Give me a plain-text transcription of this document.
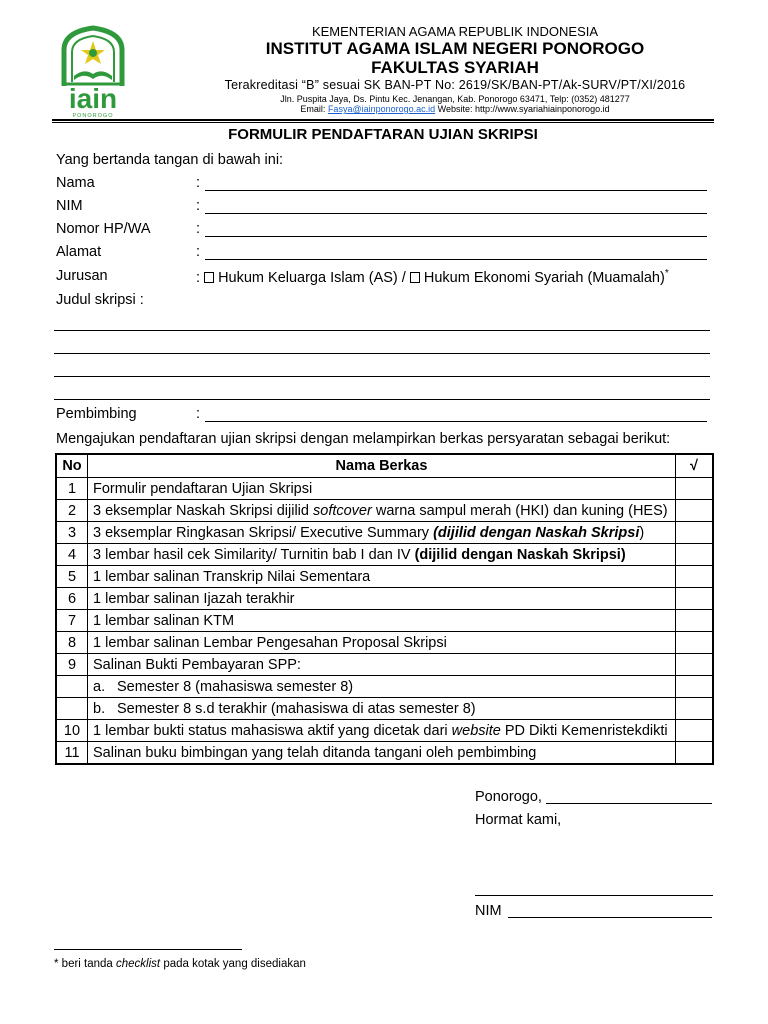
iain
PONOROGO
KEMENTERIAN AGAMA REPUBLIK INDONESIA
INSTITUT AGAMA ISLAM NEGERI PONOROGO
FAKULTAS SYARIAH
Terakreditasi “B” sesuai SK BAN-PT No: 2619/SK/BAN-PT/Ak-SURV/PT/XI/2016
Jln. Puspita Jaya, Ds. Pintu Kec. Jenangan, Kab. Ponorogo 63471, Telp: (0352) 481277
Email: Fasya@iainponorogo.ac.id Website: http://www.syariahiainponorogo.id
FORMULIR PENDAFTARAN UJIAN SKRIPSI
Yang bertanda tangan di bawah ini:
Nama	:
NIM	:
Nomor HP/WA	:
Alamat	:
Jurusan	: Hukum Keluarga Islam (AS) / Hukum Ekonomi Syariah (Muamalah)*
Judul skripsi :
Pembimbing	:
Mengajukan pendaftaran ujian skripsi dengan melampirkan berkas persyaratan sebagai berikut:
No	Nama Berkas	√
1	Formulir pendaftaran Ujian Skripsi	
2	3 eksemplar Naskah Skripsi dijilid softcover warna sampul merah (HKI) dan kuning (HES)	
3	3 eksemplar Ringkasan Skripsi/ Executive Summary (dijilid dengan Naskah Skripsi)	
4	3 lembar hasil cek Similarity/ Turnitin bab I dan IV (dijilid dengan Naskah Skripsi)	
5	1 lembar salinan Transkrip Nilai Sementara	
6	1 lembar salinan Ijazah terakhir	
7	1 lembar salinan KTM	
8	1 lembar salinan Lembar Pengesahan Proposal Skripsi	
9	Salinan Bukti Pembayaran SPP:	
	a. Semester 8 (mahasiswa semester 8)	
	b. Semester 8 s.d terakhir (mahasiswa di atas semester 8)	
10	1 lembar bukti status mahasiswa aktif yang dicetak dari website PD Dikti Kemenristekdikti	
11	Salinan buku bimbingan yang telah ditanda tangani oleh pembimbing	
Ponorogo,
Hormat kami,
NIM
* beri tanda checklist pada kotak yang disediakan
